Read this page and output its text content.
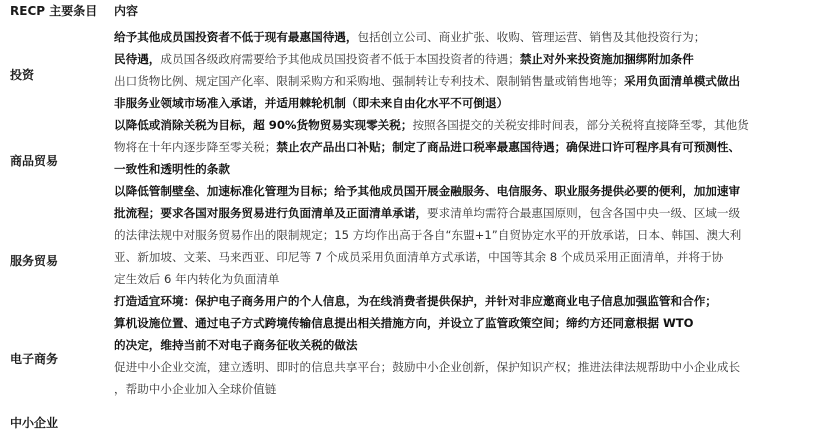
RECP 主要条目 内容
投资
商品贸易
服务贸易
电子商务
中小企业
给予其他成员国投资者不低于现有最惠国待遇，包括创立公司、商业扩张、收购、管理运营、销售及其他投资行为；
民待遇，成员国各级政府需要给予其他成员国投资者不低于本国投资者的待遇；禁止对外来投资施加捆绑附加条件
出口货物比例、规定国产化率、限制采购方和采购地、强制转让专利技术、限制销售量或销售地等；采用负面清单模式做出
非服务业领域市场准入承诺，并适用棘轮机制（即未来自由化水平不可倒退）
以降低或消除关税为目标，超 90%货物贸易实现零关税；按照各国提交的关税安排时间表，部分关税将直接降至零，其他货
物将在十年内逐步降至零关税；禁止农产品出口补贴；制定了商品进口税率最惠国待遇；确保进口许可程序具有可预测性、
一致性和透明性的条款
以降低管制壁垒、加速标准化管理为目标；给予其他成员国开展金融服务、电信服务、职业服务提供必要的便利，加加速审
批流程；要求各国对服务贸易进行负面清单及正面清单承诺，要求清单均需符合最惠国原则，包含各国中央一级、区域一级
的法律法规中对服务贸易作出的限制规定；15 方均作出高于各自“东盟+1”自贸协定水平的开放承诺，日本、韩国、澳大利
亚、新加坡、文莱、马来西亚、印尼等 7 个成员采用负面清单方式承诺，中国等其余 8 个成员采用正面清单，并将于协
定生效后 6 年内转化为负面清单
打造适宜环境：保护电子商务用户的个人信息，为在线消费者提供保护，并针对非应邀商业电子信息加强监管和合作；
算机设施位置、通过电子方式跨境传输信息提出相关措施方向，并设立了监管政策空间；缔约方还同意根据 WTO
的决定，维持当前不对电子商务征收关税的做法
促进中小企业交流，建立透明、即时的信息共享平台；鼓励中小企业创新，保护知识产权；推进法律法规帮助中小企业成长
，帮助中小企业加入全球价值链
